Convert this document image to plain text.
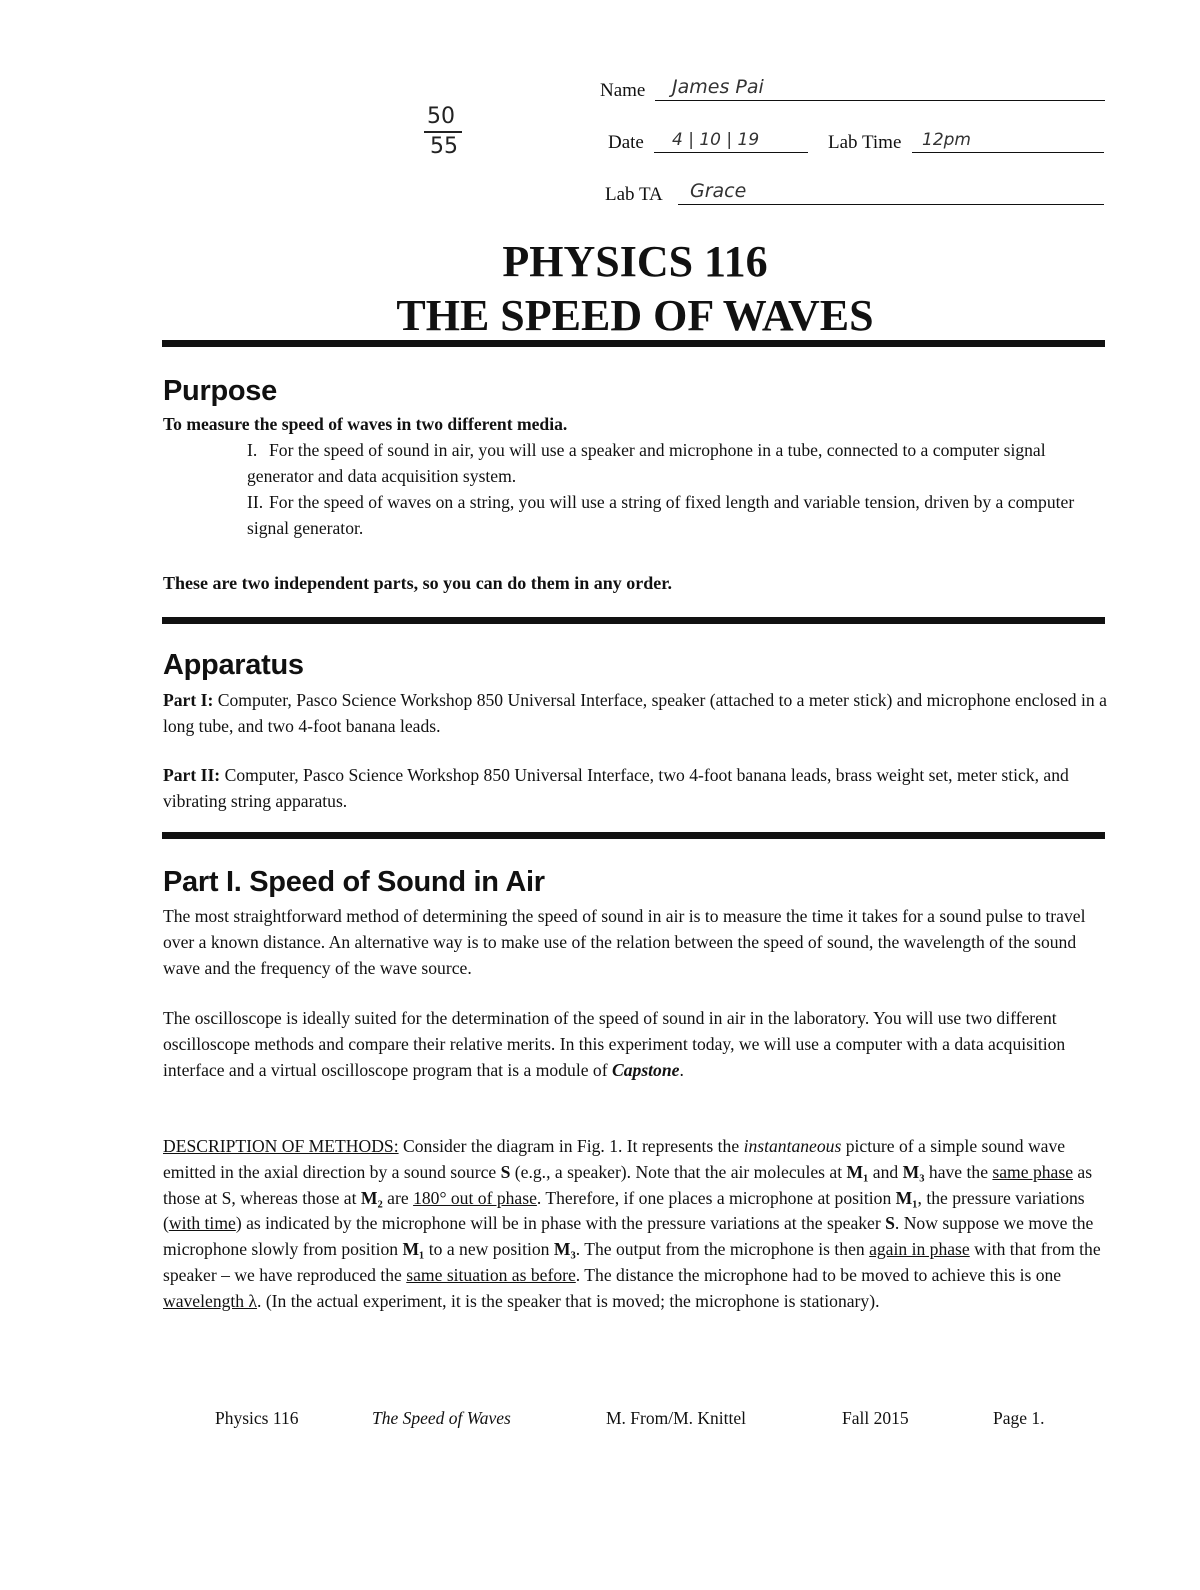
50
55
Name James Pai
Date 4 | 10 | 19	Lab Time 12pm
Lab TA Grace
PHYSICS 116
THE SPEED OF WAVES
Purpose
To measure the speed of waves in two different media.
I. For the speed of sound in air, you will use a speaker and microphone in a tube, connected to a computer signal generator and data acquisition system.
II. For the speed of waves on a string, you will use a string of fixed length and variable tension, driven by a computer signal generator.
These are two independent parts, so you can do them in any order.
Apparatus
Part I: Computer, Pasco Science Workshop 850 Universal Interface, speaker (attached to a meter stick) and microphone enclosed in a long tube, and two 4-foot banana leads.
Part II: Computer, Pasco Science Workshop 850 Universal Interface, two 4-foot banana leads, brass weight set, meter stick, and vibrating string apparatus.
Part I. Speed of Sound in Air
The most straightforward method of determining the speed of sound in air is to measure the time it takes for a sound pulse to travel over a known distance. An alternative way is to make use of the relation between the speed of sound, the wavelength of the sound wave and the frequency of the wave source.
The oscilloscope is ideally suited for the determination of the speed of sound in air in the laboratory. You will use two different oscilloscope methods and compare their relative merits. In this experiment today, we will use a computer with a data acquisition interface and a virtual oscilloscope program that is a module of Capstone.
DESCRIPTION OF METHODS: Consider the diagram in Fig. 1. It represents the instantaneous picture of a simple sound wave emitted in the axial direction by a sound source S (e.g., a speaker). Note that the air molecules at M₁ and M₃ have the same phase as those at S, whereas those at M₂ are 180° out of phase. Therefore, if one places a microphone at position M₁, the pressure variations (with time) as indicated by the microphone will be in phase with the pressure variations at the speaker S. Now suppose we move the microphone slowly from position M₁ to a new position M₃. The output from the microphone is then again in phase with that from the speaker – we have reproduced the same situation as before. The distance the microphone had to be moved to achieve this is one wavelength λ. (In the actual experiment, it is the speaker that is moved; the microphone is stationary).
Physics 116	The Speed of Waves	M. From/M. Knittel	Fall 2015	Page 1.
